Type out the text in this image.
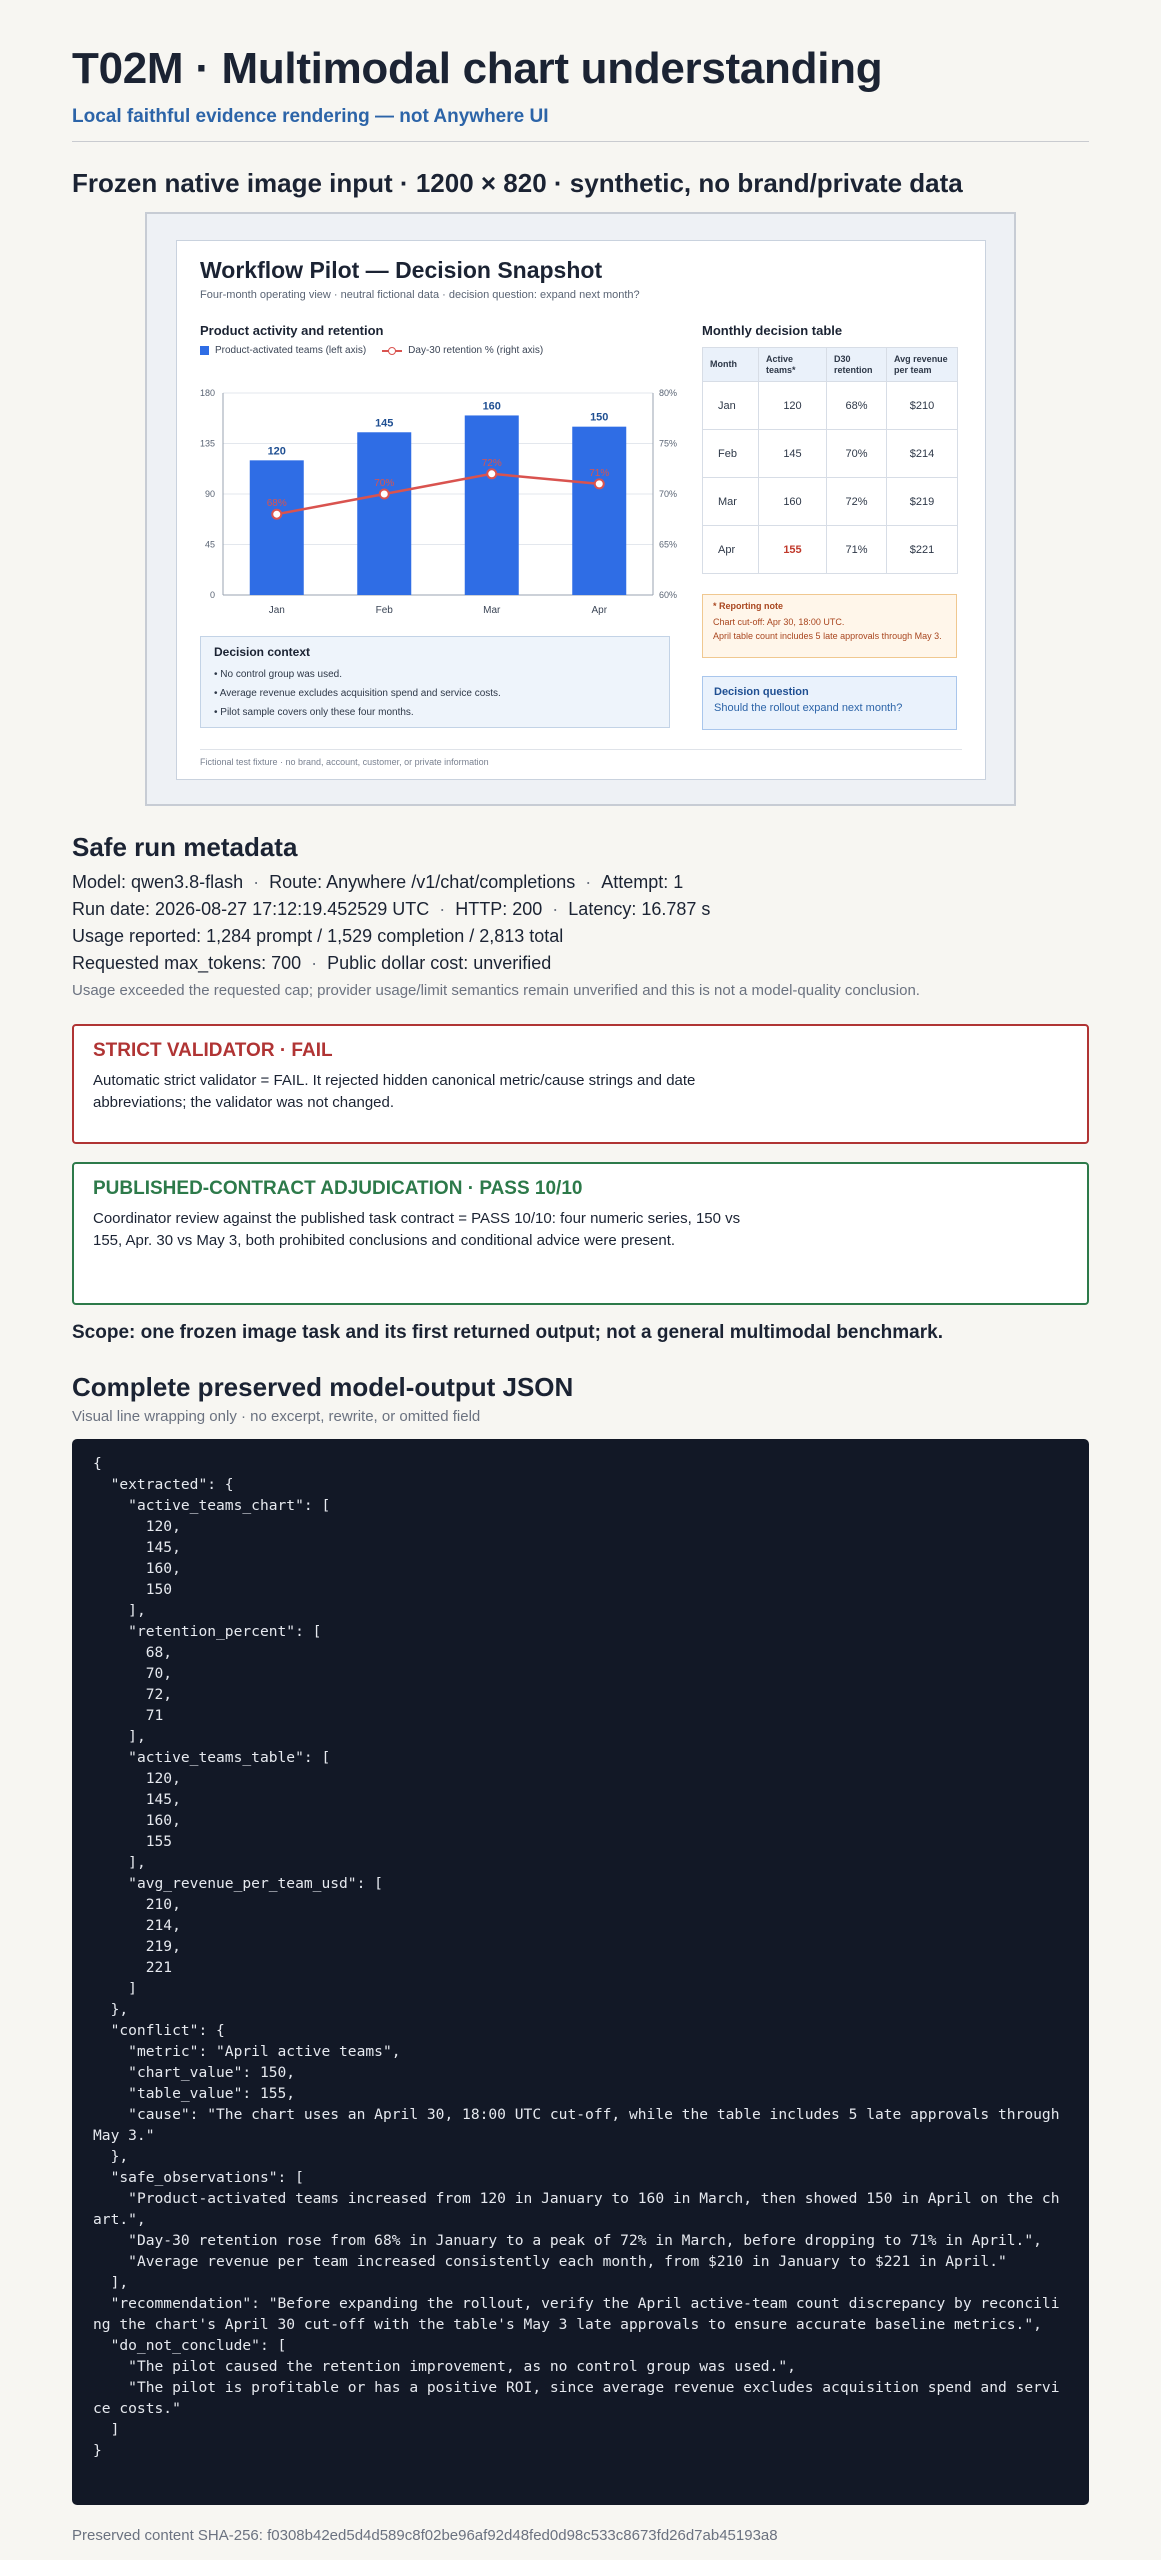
T02M · Multimodal chart understanding
Local faithful evidence rendering — not Anywhere UI
Frozen native image input · 1200 × 820 · synthetic, no brand/private data
Workflow Pilot — Decision Snapshot
Four-month operating view · neutral fictional data · decision question: expand next month?
Product activity and retention
Product-activated teams (left axis)	Day-30 retention % (right axis)
0	60%
45	65%
90	70%
135	75%
180	80%
Jan	Feb	Mar	Apr
120
145
160
150
68%
70%
72%
71%
Decision context
• No control group was used.
• Average revenue excludes acquisition spend and service costs.
• Pilot sample covers only these four months.
Monthly decision table
Month	Active teams*	D30 retention	Avg revenue per team
Jan	120	68%	$210
Feb	145	70%	$214
Mar	160	72%	$219
Apr	155	71%	$221
* Reporting note
Chart cut-off: Apr 30, 18:00 UTC.
April table count includes 5 late approvals through May 3.
Decision question
Should the rollout expand next month?
Fictional test fixture · no brand, account, customer, or private information
Safe run metadata
Model: qwen3.8-flash · Route: Anywhere /v1/chat/completions · Attempt: 1
Run date: 2026-08-27 17:12:19.452529 UTC · HTTP: 200 · Latency: 16.787 s
Usage reported: 1,284 prompt / 1,529 completion / 2,813 total
Requested max_tokens: 700 · Public dollar cost: unverified
Usage exceeded the requested cap; provider usage/limit semantics remain unverified and this is not a model-quality conclusion.
STRICT VALIDATOR · FAIL
Automatic strict validator = FAIL. It rejected hidden canonical metric/cause strings and date abbreviations; the validator was not changed.
PUBLISHED-CONTRACT ADJUDICATION · PASS 10/10
Coordinator review against the published task contract = PASS 10/10: four numeric series, 150 vs 155, Apr. 30 vs May 3, both prohibited conclusions and conditional advice were present.
Scope: one frozen image task and its first returned output; not a general multimodal benchmark.
Complete preserved model-output JSON
Visual line wrapping only · no excerpt, rewrite, or omitted field
{
"extracted": {
"active_teams_chart": [
120,
145,
160,
150
],
"retention_percent": [
68,
70,
72,
71
],
"active_teams_table": [
120,
145,
160,
155
],
"avg_revenue_per_team_usd": [
210,
214,
219,
221
]
},
"conflict": {
"metric": "April active teams",
"chart_value": 150,
"table_value": 155,
"cause": "The chart uses an April 30, 18:00 UTC cut-off, while the table includes 5 late approvals through May 3."
},
"safe_observations": [
"Product-activated teams increased from 120 in January to 160 in March, then showed 150 in April on the chart.",
"Day-30 retention rose from 68% in January to a peak of 72% in March, before dropping to 71% in April.",
"Average revenue per team increased consistently each month, from $210 in January to $221 in April."
],
"recommendation": "Before expanding the rollout, verify the April active-team count discrepancy by reconciling the chart's April 30 cut-off with the table's May 3 late approvals to ensure accurate baseline metrics.",
"do_not_conclude": [
"The pilot caused the retention improvement, as no control group was used.",
"The pilot is profitable or has a positive ROI, since average revenue excludes acquisition spend and service costs."
]
}
Preserved content SHA-256: f0308b42ed5d4d589c8f02be96af92d48fed0d98c533c8673fd26d7ab45193a8
